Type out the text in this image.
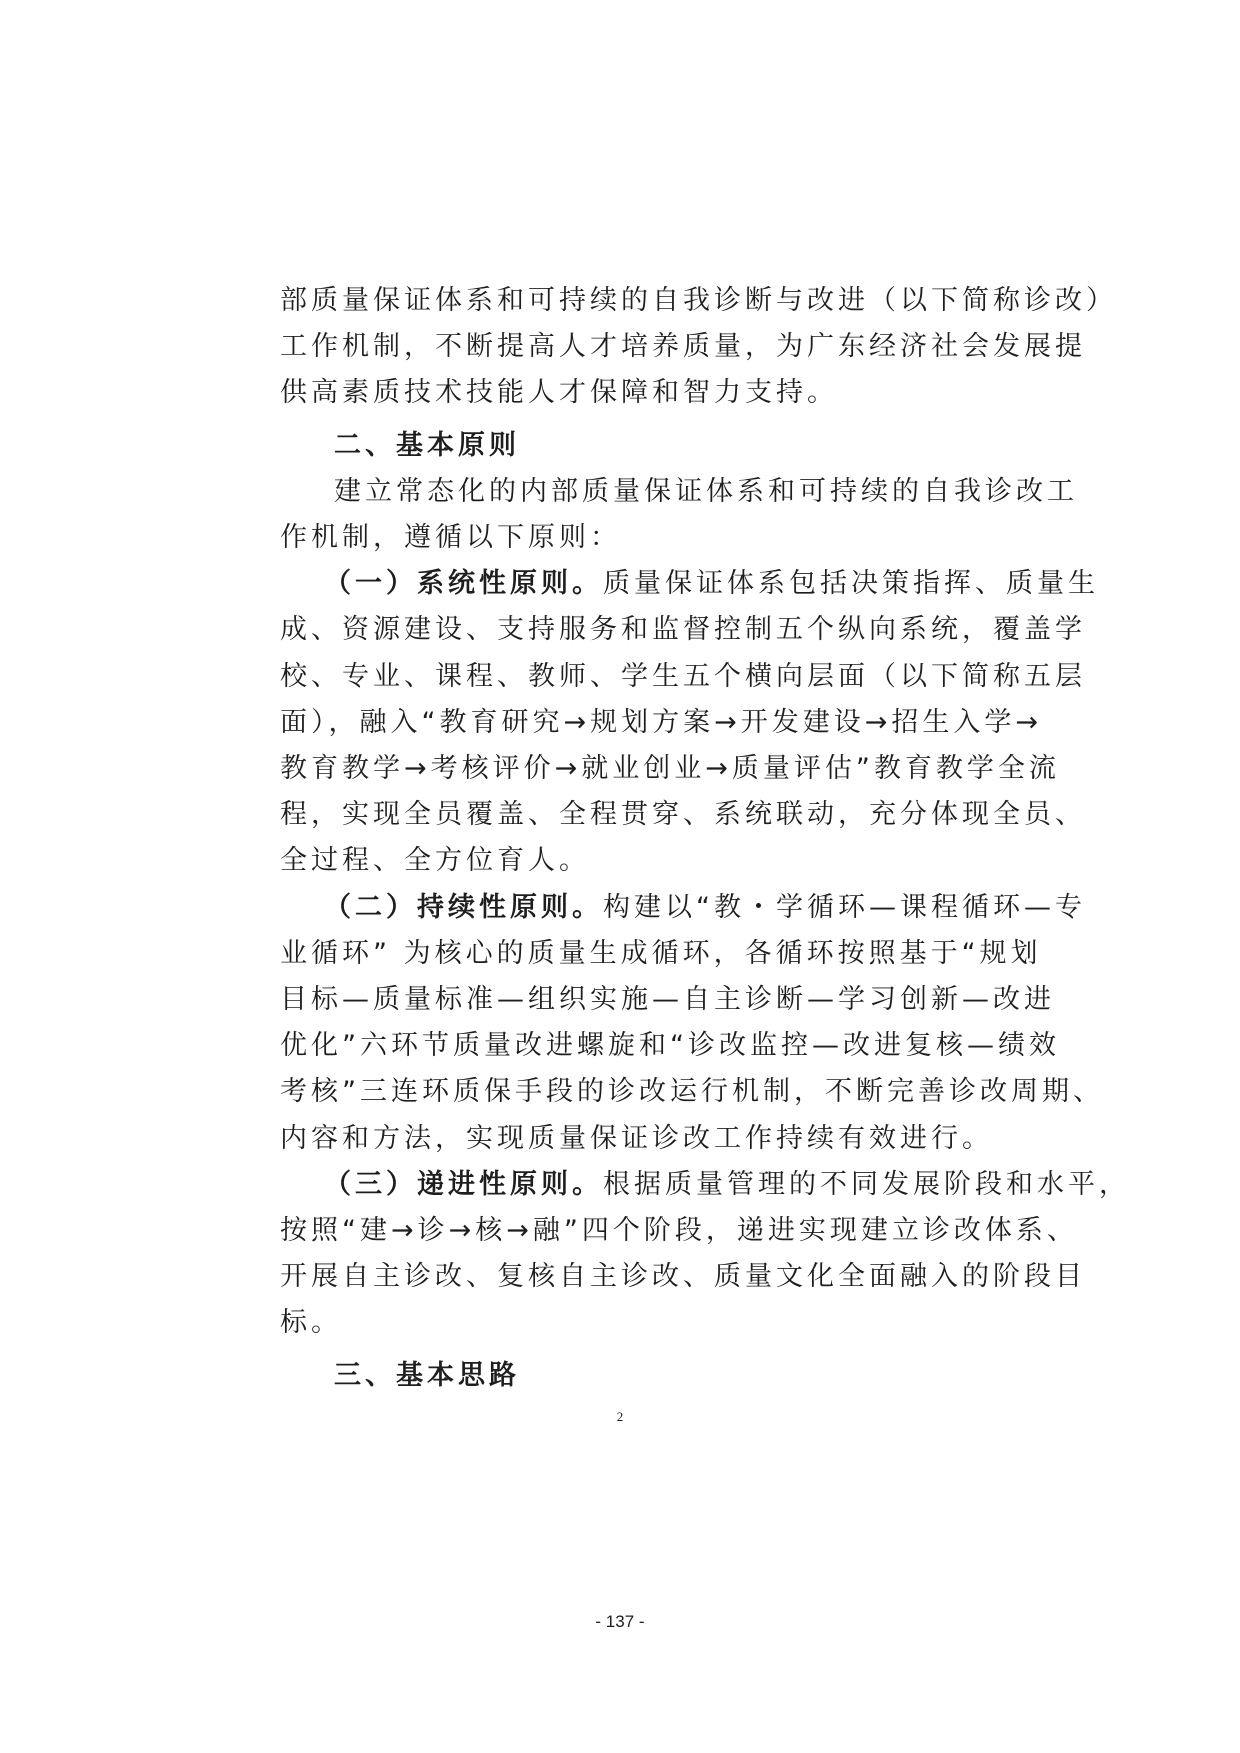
部质量保证体系和可持续的自我诊断与改进（以下简称诊改）
工作机制，不断提高人才培养质量，为广东经济社会发展提
供高素质技术技能人才保障和智力支持。
二、基本原则
建立常态化的内部质量保证体系和可持续的自我诊改工
作机制，遵循以下原则：
（一）系统性原则。质量保证体系包括决策指挥、质量生
成、资源建设、支持服务和监督控制五个纵向系统，覆盖学
校、专业、课程、教师、学生五个横向层面（以下简称五层
面），融入“教育研究→规划方案→开发建设→招生入学→
教育教学→考核评价→就业创业→质量评估”教育教学全流
程，实现全员覆盖、全程贯穿、系统联动，充分体现全员、
全过程、全方位育人。
（二）持续性原则。构建以“教・学循环—课程循环—专
业循环” 为核心的质量生成循环，各循环按照基于“规划
目标—质量标准—组织实施—自主诊断—学习创新—改进
优化”六环节质量改进螺旋和“诊改监控—改进复核—绩效
考核”三连环质保手段的诊改运行机制，不断完善诊改周期、
内容和方法，实现质量保证诊改工作持续有效进行。
（三）递进性原则。根据质量管理的不同发展阶段和水平，
按照“建→诊→核→融”四个阶段，递进实现建立诊改体系、
开展自主诊改、复核自主诊改、质量文化全面融入的阶段目
标。
三、基本思路
2
- 137 -
